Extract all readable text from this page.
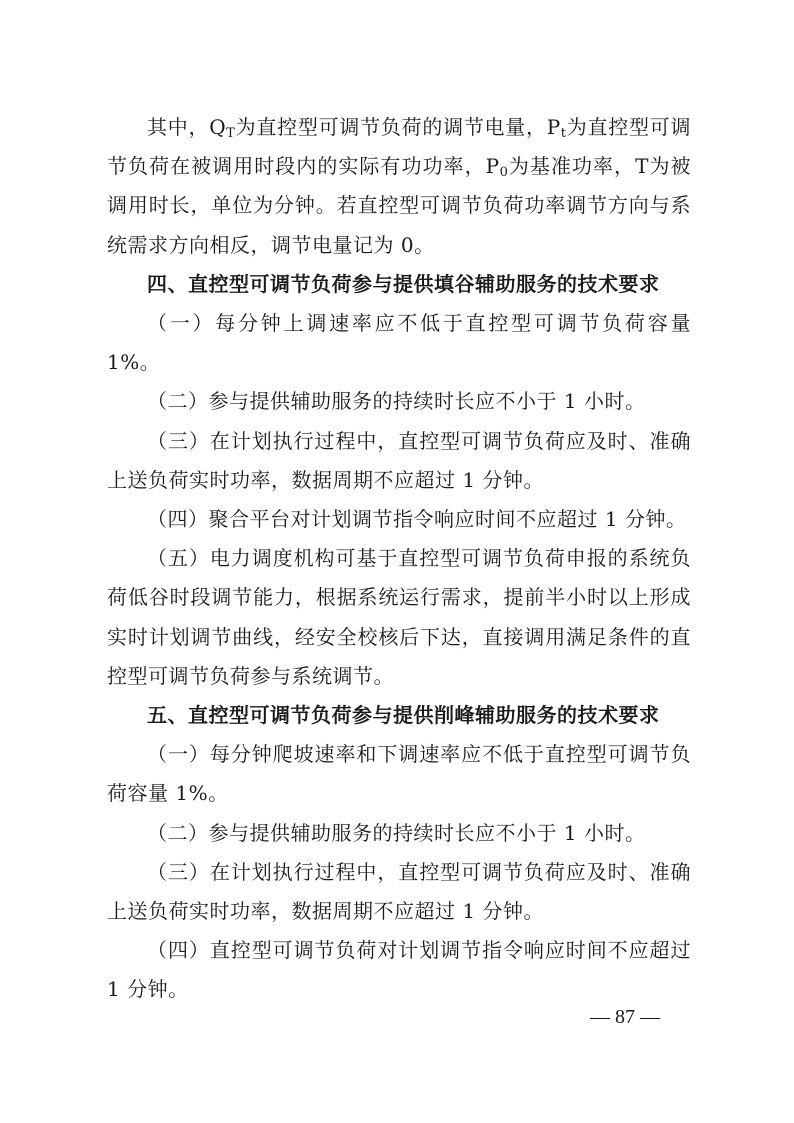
其中，$Q_T$为直控型可调节负荷的调节电量，$P_t$为直控型可调节负荷在被调用时段内的实际有功功率，$P_0$为基准功率，T为被调用时长，单位为分钟。若直控型可调节负荷功率调节方向与系统需求方向相反，调节电量记为 0。

四、直控型可调节负荷参与提供填谷辅助服务的技术要求

（一）每分钟上调速率应不低于直控型可调节负荷容量 1%。

（二）参与提供辅助服务的持续时长应不小于 1 小时。

（三）在计划执行过程中，直控型可调节负荷应及时、准确上送负荷实时功率，数据周期不应超过 1 分钟。

（四）聚合平台对计划调节指令响应时间不应超过 1 分钟。

（五）电力调度机构可基于直控型可调节负荷申报的系统负荷低谷时段调节能力，根据系统运行需求，提前半小时以上形成实时计划调节曲线，经安全校核后下达，直接调用满足条件的直控型可调节负荷参与系统调节。

五、直控型可调节负荷参与提供削峰辅助服务的技术要求

（一）每分钟爬坡速率和下调速率应不低于直控型可调节负荷容量 1%。

（二）参与提供辅助服务的持续时长应不小于 1 小时。

（三）在计划执行过程中，直控型可调节负荷应及时、准确上送负荷实时功率，数据周期不应超过 1 分钟。

（四）直控型可调节负荷对计划调节指令响应时间不应超过 1 分钟。

— 87 —
